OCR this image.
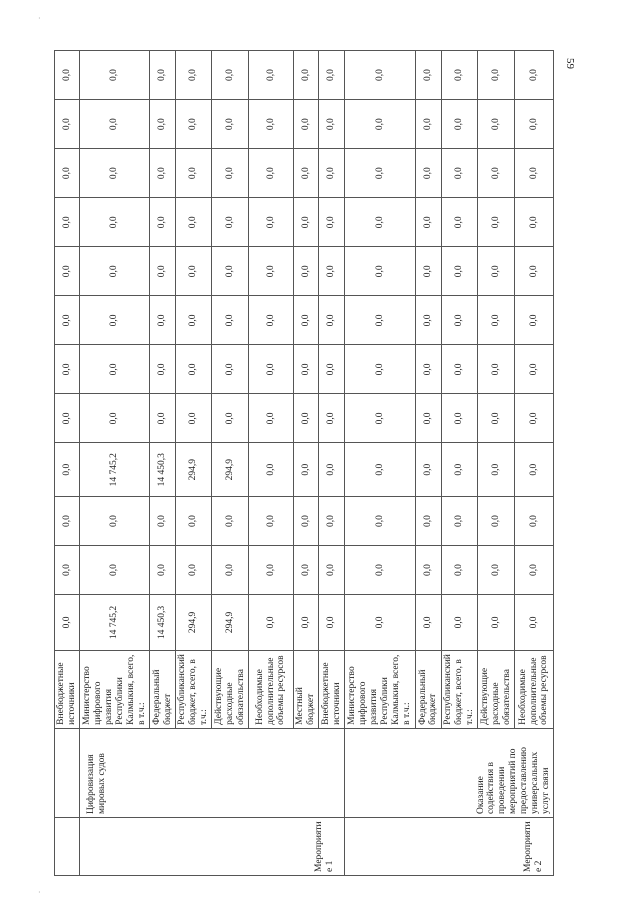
·
·
59
		Внебюджетные источники	0,0	0,0	0,0	0,0	0,0	0,0	0,0	0,0	0,0	0,0	0,0	0,0
Мероприятие 1	Цифровизация мировых судов	Министерство цифрового развития Республики Калмыкия, всего, в т.ч.:	14 745,2	0,0	0,0	14 745,2	0,0	0,0	0,0	0,0	0,0	0,0	0,0	0,0
		Федеральный бюджет	14 450,3	0,0	0,0	14 450,3	0,0	0,0	0,0	0,0	0,0	0,0	0,0	0,0
		Республиканский бюджет, всего, в т.ч.:	294,9	0,0	0,0	294,9	0,0	0,0	0,0	0,0	0,0	0,0	0,0	0,0
		Действующие расходные обязательства	294,9	0,0	0,0	294,9	0,0	0,0	0,0	0,0	0,0	0,0	0,0	0,0
		Необходимые дополнительные объемы ресурсов	0,0	0,0	0,0	0,0	0,0	0,0	0,0	0,0	0,0	0,0	0,0	0,0
		Местный бюджет	0,0	0,0	0,0	0,0	0,0	0,0	0,0	0,0	0,0	0,0	0,0	0,0
		Внебюджетные источники	0,0	0,0	0,0	0,0	0,0	0,0	0,0	0,0	0,0	0,0	0,0	0,0
Мероприятие 2	Оказание содействия в проведении мероприятий по предоставлению универсальных услуг связи	Министерство цифрового развития Республики Калмыкия, всего, в т.ч.:	0,0	0,0	0,0	0,0	0,0	0,0	0,0	0,0	0,0	0,0	0,0	0,0
		Федеральный бюджет	0,0	0,0	0,0	0,0	0,0	0,0	0,0	0,0	0,0	0,0	0,0	0,0
		Республиканский бюджет, всего, в т.ч.:	0,0	0,0	0,0	0,0	0,0	0,0	0,0	0,0	0,0	0,0	0,0	0,0
		Действующие расходные обязательства	0,0	0,0	0,0	0,0	0,0	0,0	0,0	0,0	0,0	0,0	0,0	0,0
		Необходимые дополнительные объемы ресурсов	0,0	0,0	0,0	0,0	0,0	0,0	0,0	0,0	0,0	0,0	0,0	0,0
